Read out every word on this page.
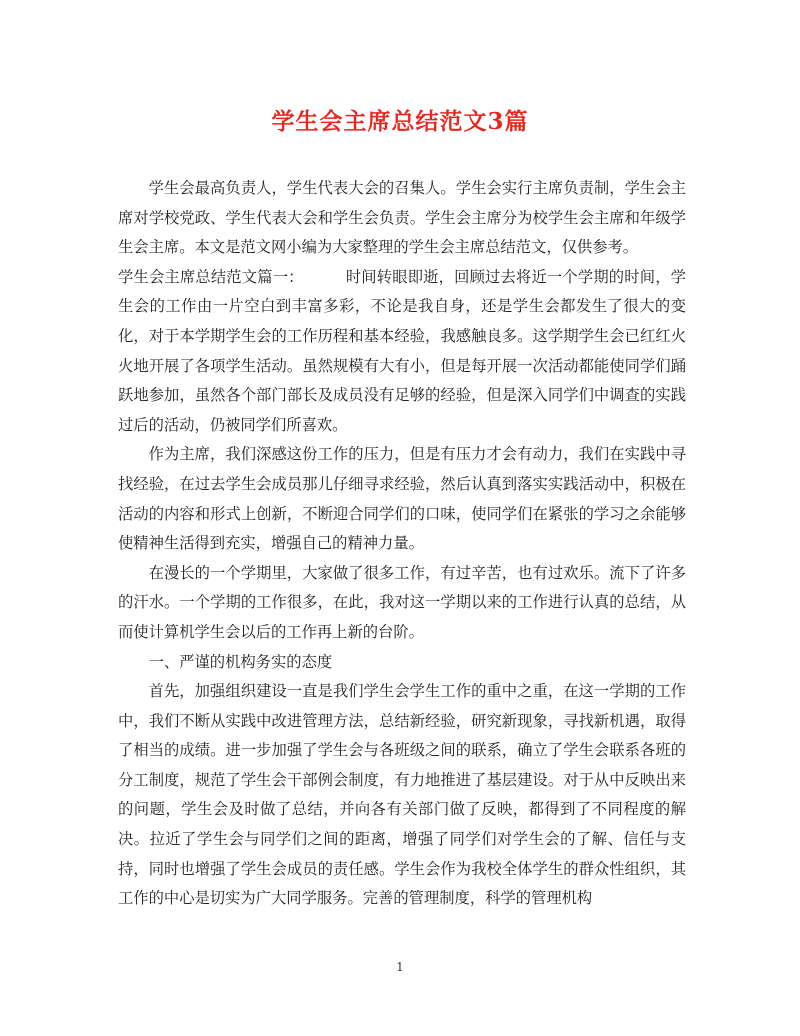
学生会主席总结范文3篇

学生会最高负责人，学生代表大会的召集人。学生会实行主席负责制，学生会主席对学校党政、学生代表大会和学生会负责。学生会主席分为校学生会主席和年级学生会主席。本文是范文网小编为大家整理的学生会主席总结范文，仅供参考。

学生会主席总结范文篇一：	时间转眼即逝，回顾过去将近一个学期的时间，学生会的工作由一片空白到丰富多彩，不论是我自身，还是学生会都发生了很大的变化，对于本学期学生会的工作历程和基本经验，我感触良多。这学期学生会已红红火火地开展了各项学生活动。虽然规模有大有小，但是每开展一次活动都能使同学们踊跃地参加，虽然各个部门部长及成员没有足够的经验，但是深入同学们中调查的实践过后的活动，仍被同学们所喜欢。

作为主席，我们深感这份工作的压力，但是有压力才会有动力，我们在实践中寻找经验，在过去学生会成员那儿仔细寻求经验，然后认真到落实实践活动中，积极在活动的内容和形式上创新，不断迎合同学们的口味，使同学们在紧张的学习之余能够使精神生活得到充实，增强自己的精神力量。

在漫长的一个学期里，大家做了很多工作，有过辛苦，也有过欢乐。流下了许多的汗水。一个学期的工作很多，在此，我对这一学期以来的工作进行认真的总结，从而使计算机学生会以后的工作再上新的台阶。

一、严谨的机构务实的态度

首先，加强组织建设一直是我们学生会学生工作的重中之重，在这一学期的工作中，我们不断从实践中改进管理方法，总结新经验，研究新现象，寻找新机遇，取得了相当的成绩。进一步加强了学生会与各班级之间的联系，确立了学生会联系各班的分工制度，规范了学生会干部例会制度，有力地推进了基层建设。对于从中反映出来的问题，学生会及时做了总结，并向各有关部门做了反映，都得到了不同程度的解决。拉近了学生会与同学们之间的距离，增强了同学们对学生会的了解、信任与支持，同时也增强了学生会成员的责任感。学生会作为我校全体学生的群众性组织，其工作的中心是切实为广大同学服务。完善的管理制度，科学的管理机构

1
